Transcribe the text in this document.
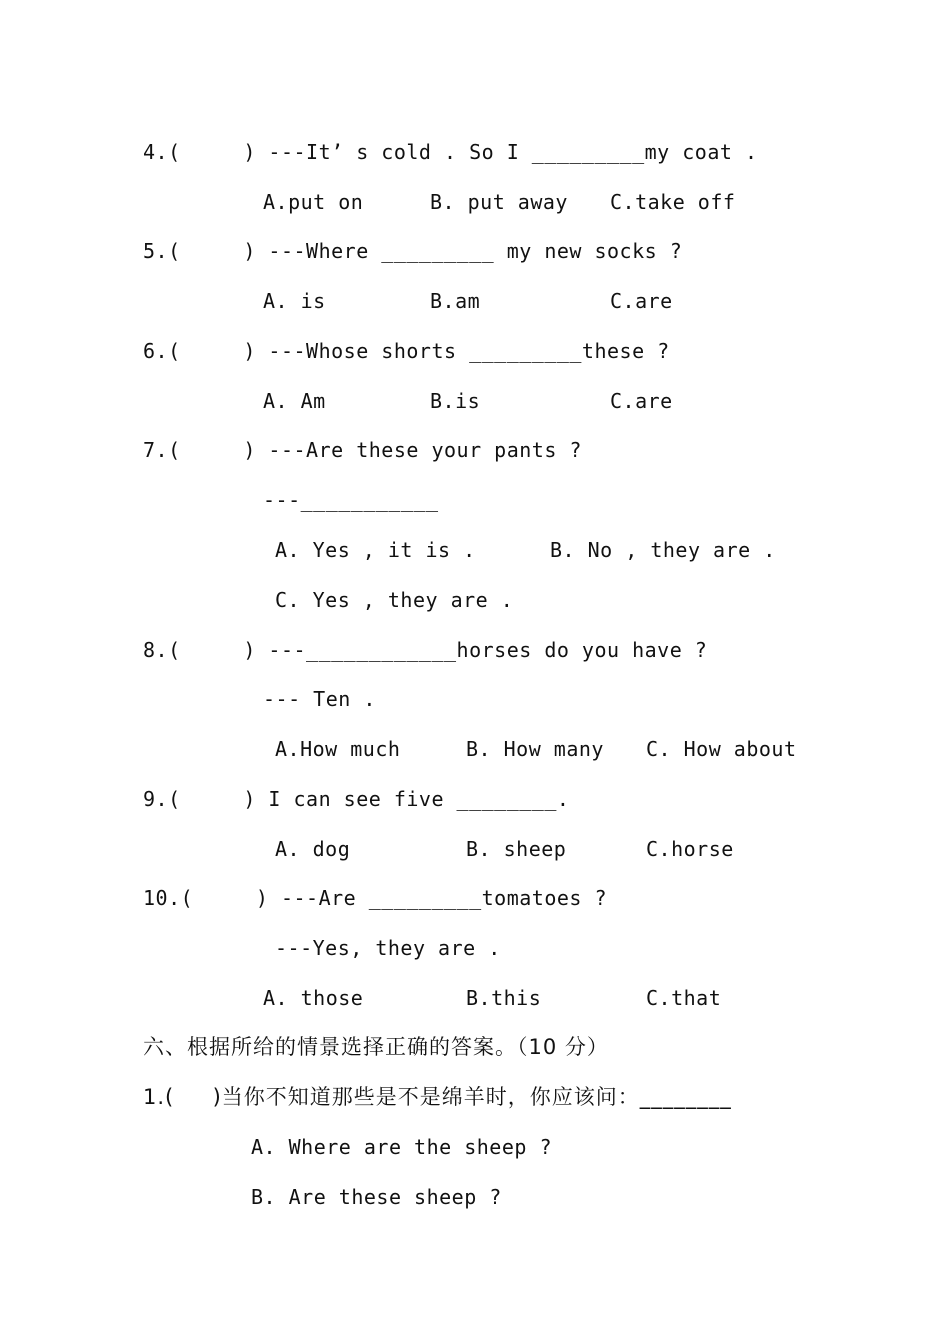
4.(     ) ---It’ s cold . So I _________my coat .
A.put on	B. put away C.take off
5.(     ) ---Where _________ my new socks ?
A. is	B.am	C.are
6.(     ) ---Whose shorts _________these ?
A. Am	B.is	C.are
7.(     ) ---Are these your pants ?
---___________
A. Yes , it is .	B. No , they are .
C. Yes , they are .
8.(     ) ---____________horses do you have ?
--- Ten .
A.How much	B. How many C. How about
9.(     ) I can see five ________.
A. dog	B. sheep	C.horse
10.(     ) ---Are _________tomatoes ?
---Yes, they are .
A. those	B.this	C.that
六、根据所给的情景选择正确的答案。（10 分）
1.(     )当你不知道那些是不是绵羊时，你应该问：________
A. Where are the sheep ?
B. Are these sheep ?
